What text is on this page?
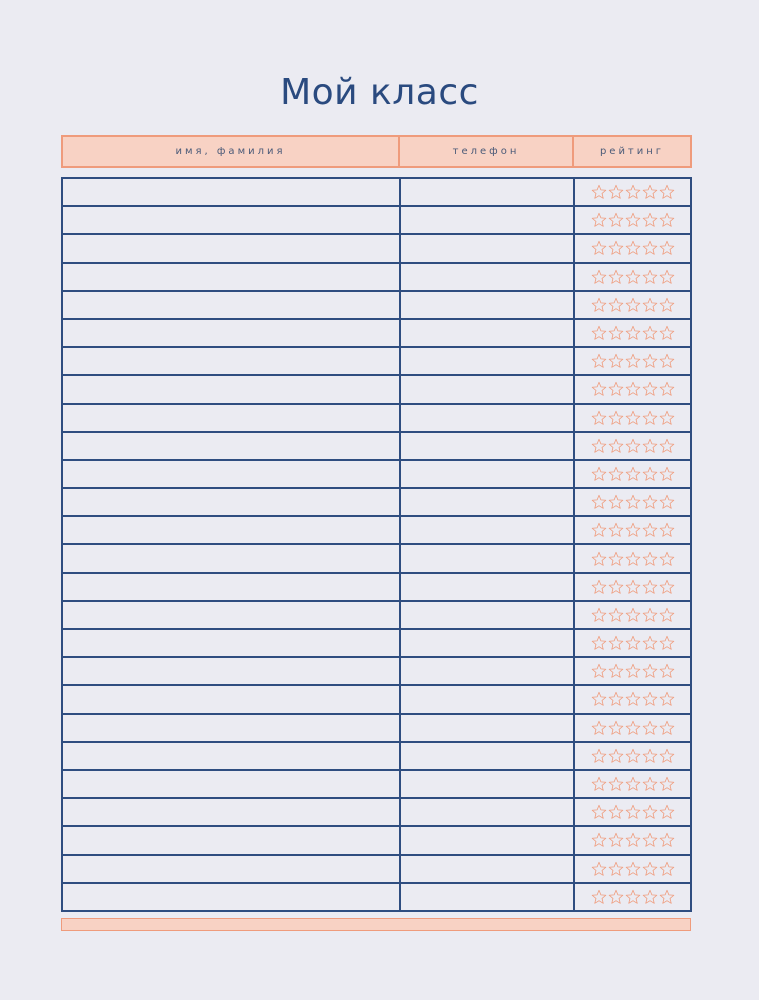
Мой класс
имя, фамилия	телефон	рейтинг
